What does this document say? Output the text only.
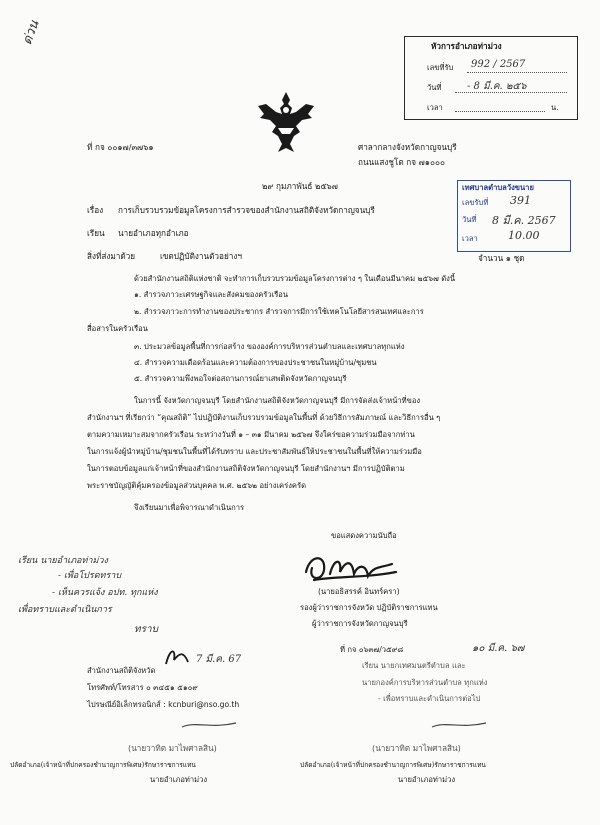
ด่วน	หัวการอำเภอท่าม่วง
เลขที่รับ 992 / 2567
วันที่	- 8 มี.ค. ๒๕๖
เวลา	น.
ที่ กจ ๐๐๑๗/๓๗๖๑	ศาลากลางจังหวัดกาญจนบุรี
ถนนแสงชูโต กจ ๗๑๐๐๐
๒๙ กุมภาพันธ์ ๒๕๖๗	เทศบาลตำบลวังขนาย
เลขรับที่ 391
วันที่ 8 มี.ค. 2567
เวลา	10.00
เรื่อง การเก็บรวบรวมข้อมูลโครงการสำรวจของสำนักงานสถิติจังหวัดกาญจนบุรี
เรียน นายอำเภอทุกอำเภอ
สิ่งที่ส่งมาด้วย	เขตปฏิบัติงานตัวอย่างฯ	จำนวน ๑ ชุด
ด้วยสำนักงานสถิติแห่งชาติ จะทำการเก็บรวบรวมข้อมูลโครงการต่าง ๆ ในเดือนมีนาคม ๒๕๖๗ ดังนี้
๑. สำรวจภาวะเศรษฐกิจและสังคมของครัวเรือน
๒. สำรวจภาวะการทำงานของประชากร สำรวจการมีการใช้เทคโนโลยีสารสนเทศและการ
สื่อสารในครัวเรือน
๓. ประมวลข้อมูลพื้นที่การก่อสร้าง ขององค์การบริหารส่วนตำบลและเทศบาลทุกแห่ง
๔. สำรวจความเดือดร้อนและความต้องการของประชาชนในหมู่บ้าน/ชุมชน
๕. สำรวจความพึงพอใจต่อสถานการณ์ยาเสพติดจังหวัดกาญจนบุรี
ในการนี้ จังหวัดกาญจนบุรี โดยสำนักงานสถิติจังหวัดกาญจนบุรี มีการจัดส่งเจ้าหน้าที่ของ
สำนักงานฯ ที่เรียกว่า “คุณสถิติ” ไปปฏิบัติงานเก็บรวบรวมข้อมูลในพื้นที่ ด้วยวิธีการสัมภาษณ์ และวิธีการอื่น ๆ
ตามความเหมาะสมจากครัวเรือน ระหว่างวันที่ ๑ – ๓๑ มีนาคม ๒๕๖๗ จึงใคร่ขอความร่วมมือจากท่าน
ในการแจ้งผู้นำหมู่บ้าน/ชุมชนในพื้นที่ได้รับทราบ และประชาสัมพันธ์ให้ประชาชนในพื้นที่ให้ความร่วมมือ
ในการตอบข้อมูลแก่เจ้าหน้าที่ของสำนักงานสถิติจังหวัดกาญจนบุรี โดยสำนักงานฯ มีการปฏิบัติตาม
พระราชบัญญัติคุ้มครองข้อมูลส่วนบุคคล พ.ศ. ๒๕๖๒ อย่างเคร่งครัด
จึงเรียนมาเพื่อพิจารณาดำเนินการ
ขอแสดงความนับถือ
(นายอธิสรรค์ อินทร์ครา)
รองผู้ว่าราชการจังหวัด ปฏิบัติราชการแทน
ผู้ว่าราชการจังหวัดกาญจนบุรี
เรียน นายอำเภอท่าม่วง
- เพื่อโปรดทราบ
- เห็นควรแจ้ง อปท. ทุกแห่ง
เพื่อทราบและดำเนินการ
ที่ กจ ๐๖๓๗/ว๕๙๘	๑๐ มี.ค. ๖๗
เรียน นายกเทศมนตรีตำบล และ
นายกองค์การบริหารส่วนตำบล ทุกแห่ง
- เพื่อทราบและดำเนินการต่อไป
ทราบ
7 มี.ค. 67
สำนักงานสถิติจังหวัด
โทรศัพท์/โทรสาร ๐ ๓๔๕๑ ๕๑๐๙
ไปรษณีย์อิเล็กทรอนิกส์ : kcnburi@nso.go.th
(นายวาทิต มาไพศาลสิน)	(นายวาทิต มาไพศาลสิน)
ปลัดอำเภอ(เจ้าหน้าที่ปกครองชำนาญการพิเศษ)รักษาราชการแทน	ปลัดอำเภอ(เจ้าหน้าที่ปกครองชำนาญการพิเศษ)รักษาราชการแทน
นายอำเภอท่าม่วง	นายอำเภอท่าม่วง
